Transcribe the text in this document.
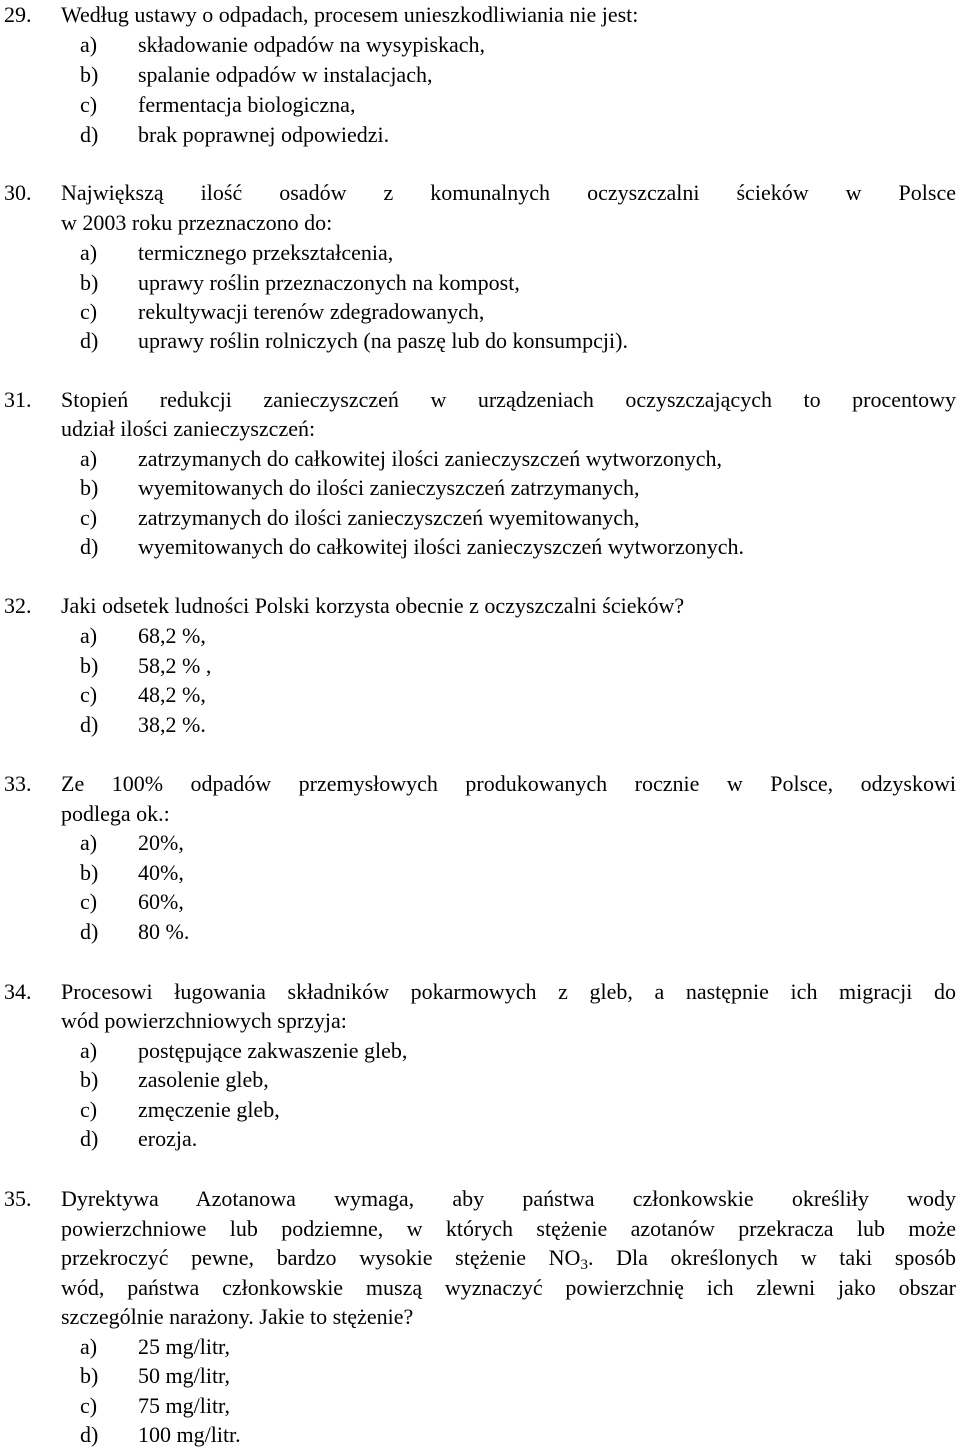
29. Według ustawy o odpadach, procesem unieszkodliwiania nie jest:
a) składowanie odpadów na wysypiskach,
b) spalanie odpadów w instalacjach,
c) fermentacja biologiczna,
d) brak poprawnej odpowiedzi.
30. Największą ilość osadów z komunalnych oczyszczalni ścieków w Polsce
w 2003 roku przeznaczono do:
a) termicznego przekształcenia,
b) uprawy roślin przeznaczonych na kompost,
c) rekultywacji terenów zdegradowanych,
d) uprawy roślin rolniczych (na paszę lub do konsumpcji).
31. Stopień redukcji zanieczyszczeń w urządzeniach oczyszczających to procentowy
udział ilości zanieczyszczeń:
a) zatrzymanych do całkowitej ilości zanieczyszczeń wytworzonych,
b) wyemitowanych do ilości zanieczyszczeń zatrzymanych,
c) zatrzymanych do ilości zanieczyszczeń wyemitowanych,
d) wyemitowanych do całkowitej ilości zanieczyszczeń wytworzonych.
32. Jaki odsetek ludności Polski korzysta obecnie z oczyszczalni ścieków?
a) 68,2 %,
b) 58,2 % ,
c) 48,2 %,
d) 38,2 %.
33. Ze 100% odpadów przemysłowych produkowanych rocznie w Polsce, odzyskowi
podlega ok.:
a) 20%,
b) 40%,
c) 60%,
d) 80 %.
34. Procesowi ługowania składników pokarmowych z gleb, a następnie ich migracji do
wód powierzchniowych sprzyja:
a) postępujące zakwaszenie gleb,
b) zasolenie gleb,
c) zmęczenie gleb,
d) erozja.
35. Dyrektywa Azotanowa wymaga, aby państwa członkowskie określiły wody
powierzchniowe lub podziemne, w których stężenie azotanów przekracza lub może
przekroczyć pewne, bardzo wysokie stężenie $NO_3$. Dla określonych w taki sposób
wód, państwa członkowskie muszą wyznaczyć powierzchnię ich zlewni jako obszar
szczególnie narażony. Jakie to stężenie?
a) 25 mg/litr,
b) 50 mg/litr,
c) 75 mg/litr,
d) 100 mg/litr.
